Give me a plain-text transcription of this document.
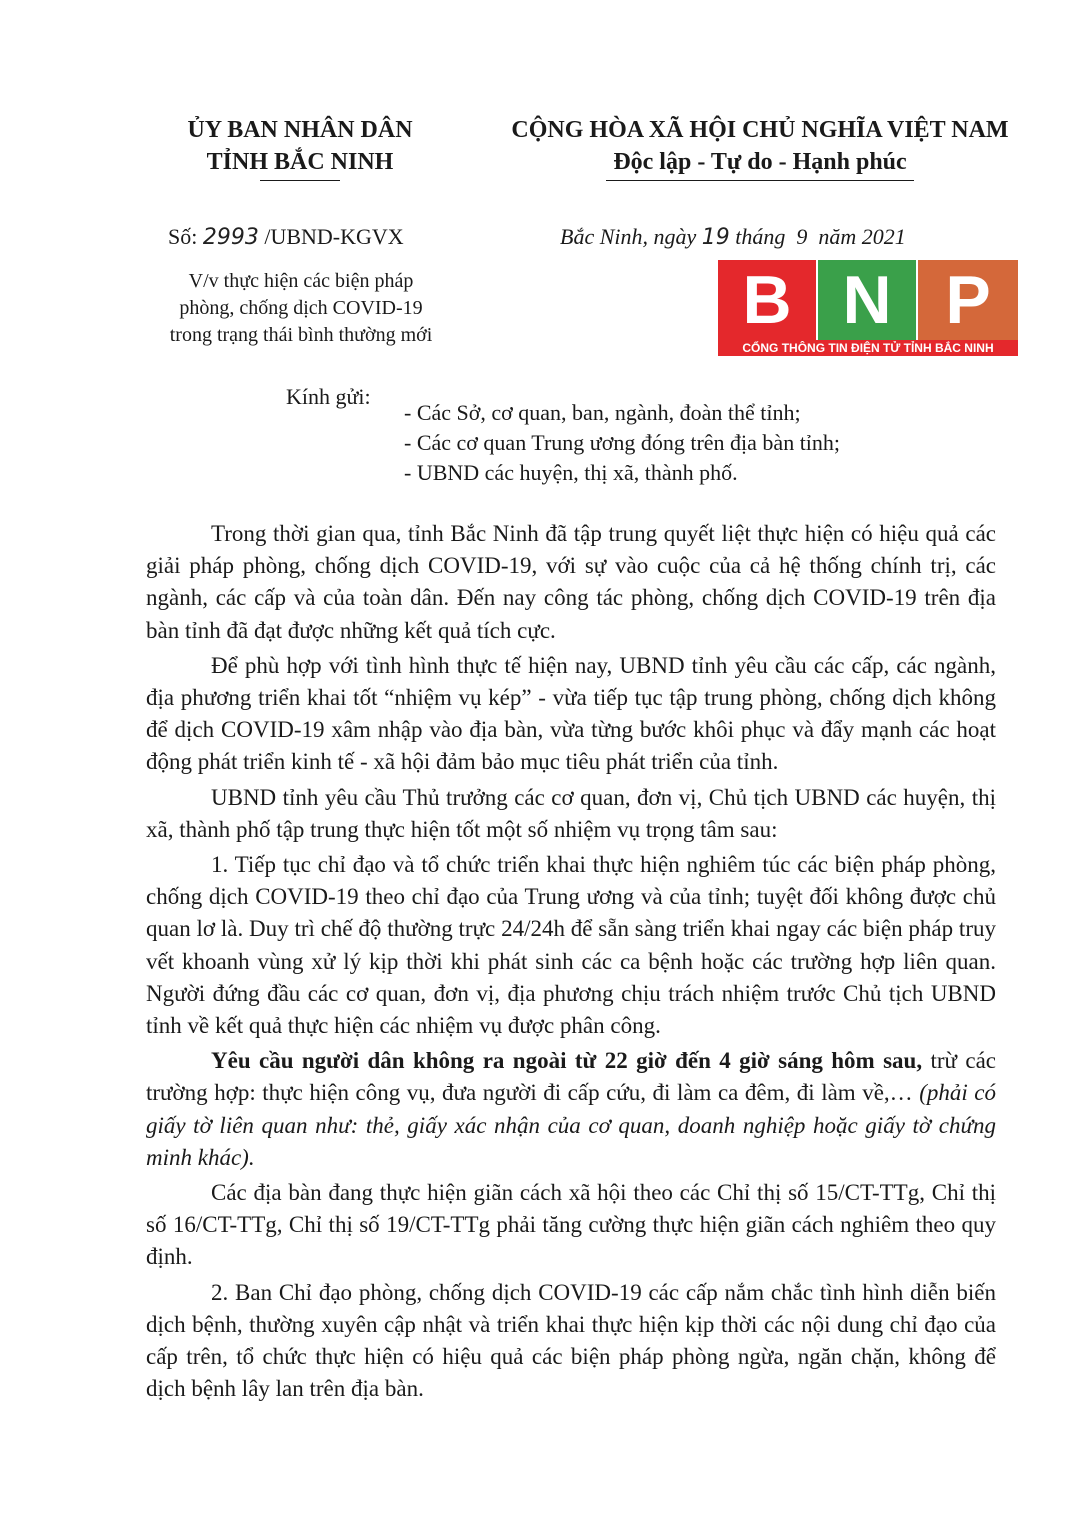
ỦY BAN NHÂN DÂN
TỈNH BẮC NINH
CỘNG HÒA XÃ HỘI CHỦ NGHĨA VIỆT NAM
Độc lập - Tự do - Hạnh phúc
Số: 2993 /UBND-KGVX	Bắc Ninh, ngày 19 tháng  9  năm 2021
V/v thực hiện các biện pháp
phòng, chống dịch COVID-19
trong trạng thái bình thường mới	B N P
CỔNG THÔNG TIN ĐIỆN TỬ TỈNH BẮC NINH
Kính gửi:
- Các Sở, cơ quan, ban, ngành, đoàn thể tỉnh;
- Các cơ quan Trung ương đóng trên địa bàn tỉnh;
- UBND các huyện, thị xã, thành phố.

Trong thời gian qua, tỉnh Bắc Ninh đã tập trung quyết liệt thực hiện có hiệu quả các giải pháp phòng, chống dịch COVID-19, với sự vào cuộc của cả hệ thống chính trị, các ngành, các cấp và của toàn dân. Đến nay công tác phòng, chống dịch COVID-19 trên địa bàn tỉnh đã đạt được những kết quả tích cực.

Để phù hợp với tình hình thực tế hiện nay, UBND tỉnh yêu cầu các cấp, các ngành, địa phương triển khai tốt “nhiệm vụ kép” - vừa tiếp tục tập trung phòng, chống dịch không để dịch COVID-19 xâm nhập vào địa bàn, vừa từng bước khôi phục và đẩy mạnh các hoạt động phát triển kinh tế - xã hội đảm bảo mục tiêu phát triển của tỉnh.

UBND tỉnh yêu cầu Thủ trưởng các cơ quan, đơn vị, Chủ tịch UBND các huyện, thị xã, thành phố tập trung thực hiện tốt một số nhiệm vụ trọng tâm sau:

1. Tiếp tục chỉ đạo và tổ chức triển khai thực hiện nghiêm túc các biện pháp phòng, chống dịch COVID-19 theo chỉ đạo của Trung ương và của tỉnh; tuyệt đối không được chủ quan lơ là. Duy trì chế độ thường trực 24/24h để sẵn sàng triển khai ngay các biện pháp truy vết khoanh vùng xử lý kịp thời khi phát sinh các ca bệnh hoặc các trường hợp liên quan. Người đứng đầu các cơ quan, đơn vị, địa phương chịu trách nhiệm trước Chủ tịch UBND tỉnh về kết quả thực hiện các nhiệm vụ được phân công.

Yêu cầu người dân không ra ngoài từ 22 giờ đến 4 giờ sáng hôm sau, trừ các trường hợp: thực hiện công vụ, đưa người đi cấp cứu, đi làm ca đêm, đi làm về,… (phải có giấy tờ liên quan như: thẻ, giấy xác nhận của cơ quan, doanh nghiệp hoặc giấy tờ chứng minh khác).

Các địa bàn đang thực hiện giãn cách xã hội theo các Chỉ thị số 15/CT-TTg, Chỉ thị số 16/CT-TTg, Chỉ thị số 19/CT-TTg phải tăng cường thực hiện giãn cách nghiêm theo quy định.

2. Ban Chỉ đạo phòng, chống dịch COVID-19 các cấp nắm chắc tình hình diễn biến dịch bệnh, thường xuyên cập nhật và triển khai thực hiện kịp thời các nội dung chỉ đạo của cấp trên, tổ chức thực hiện có hiệu quả các biện pháp phòng ngừa, ngăn chặn, không để dịch bệnh lây lan trên địa bàn.
